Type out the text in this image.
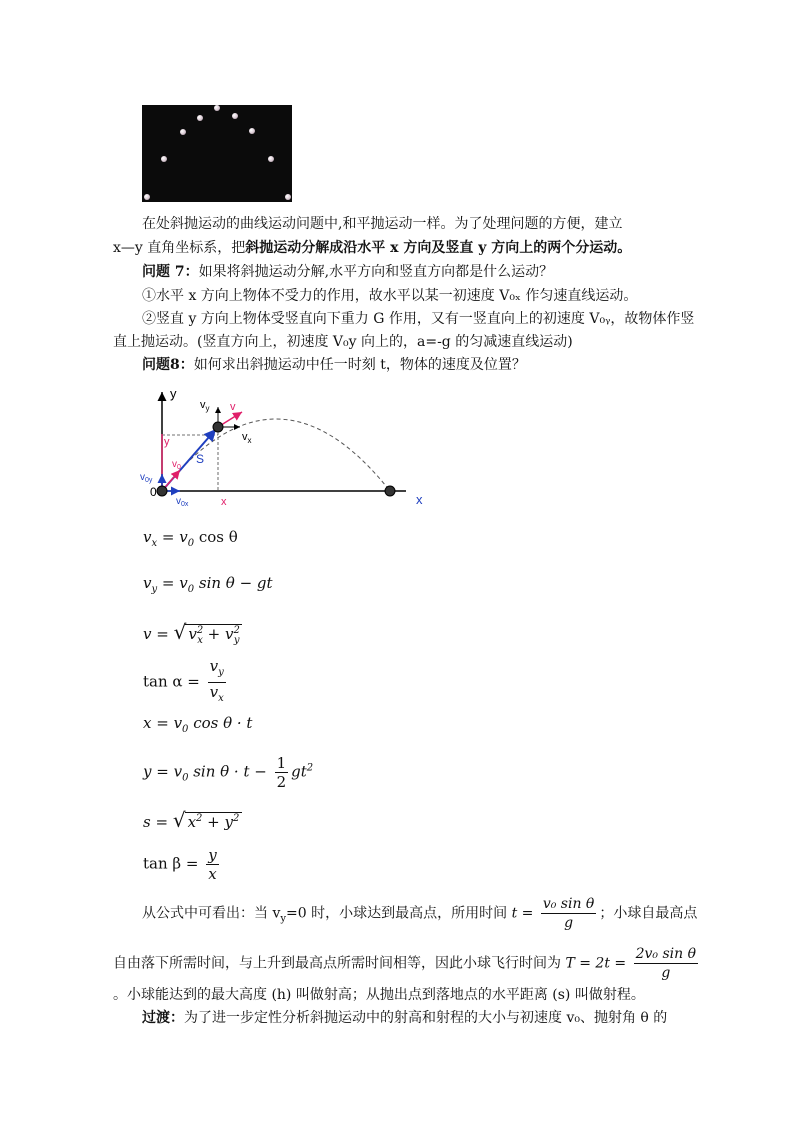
在处斜抛运动的曲线运动问题中,和平抛运动一样。为了处理问题的方便，建立
x—y 直角坐标系，把斜抛运动分解成沿水平 x 方向及竖直 y 方向上的两个分运动。
问题 7：如果将斜抛运动分解,水平方向和竖直方向都是什么运动？
①水平 x 方向上物体不受力的作用，故水平以某一初速度 V₀ₓ 作匀速直线运动。
②竖直 y 方向上物体受竖直向下重力 G 作用，又有一竖直向上的初速度 V₀ᵧ，故物体作竖
直上抛运动。(竖直方向上，初速度 V₀y 向上的，a=-g 的匀减速直线运动)
问题8：如何求出斜抛运动中任一时刻 t，物体的速度及位置？
y
x
0
$v_y$ v
$v_x$
y
x
S
$v_0$
$v_{0y}$
$v_{0x}$
$v_x = v_0$ cos θ
$v_y = v_0$ sin θ − gt
v = √ $v^2_x + v^2_y$
$\tan \alpha = \frac{v_y}{v_x}$
$x = v_0$ cos θ · t
$y = v_0$ $\sin \theta \cdot t - \frac{1}{2} gt^2$
s = √ $x^2 + y^2$
$\tan \beta = \frac{y}{x}$
从公式中可看出：当 $v_y=0$ 时，小球达到最高点，所用时间 $t = \frac{\text{v₀ sin θ}}{g}$ ；小球自最高点
自由落下所需时间，与上升到最高点所需时间相等，因此小球飞行时间为 $T = 2t = \frac{\text{2v₀ sin θ}}{g}$
。小球能达到的最大高度 (h) 叫做射高；从抛出点到落地点的水平距离 (s) 叫做射程。
过渡：为了进一步定性分析斜抛运动中的射高和射程的大小与初速度 v₀、抛射角 θ 的
